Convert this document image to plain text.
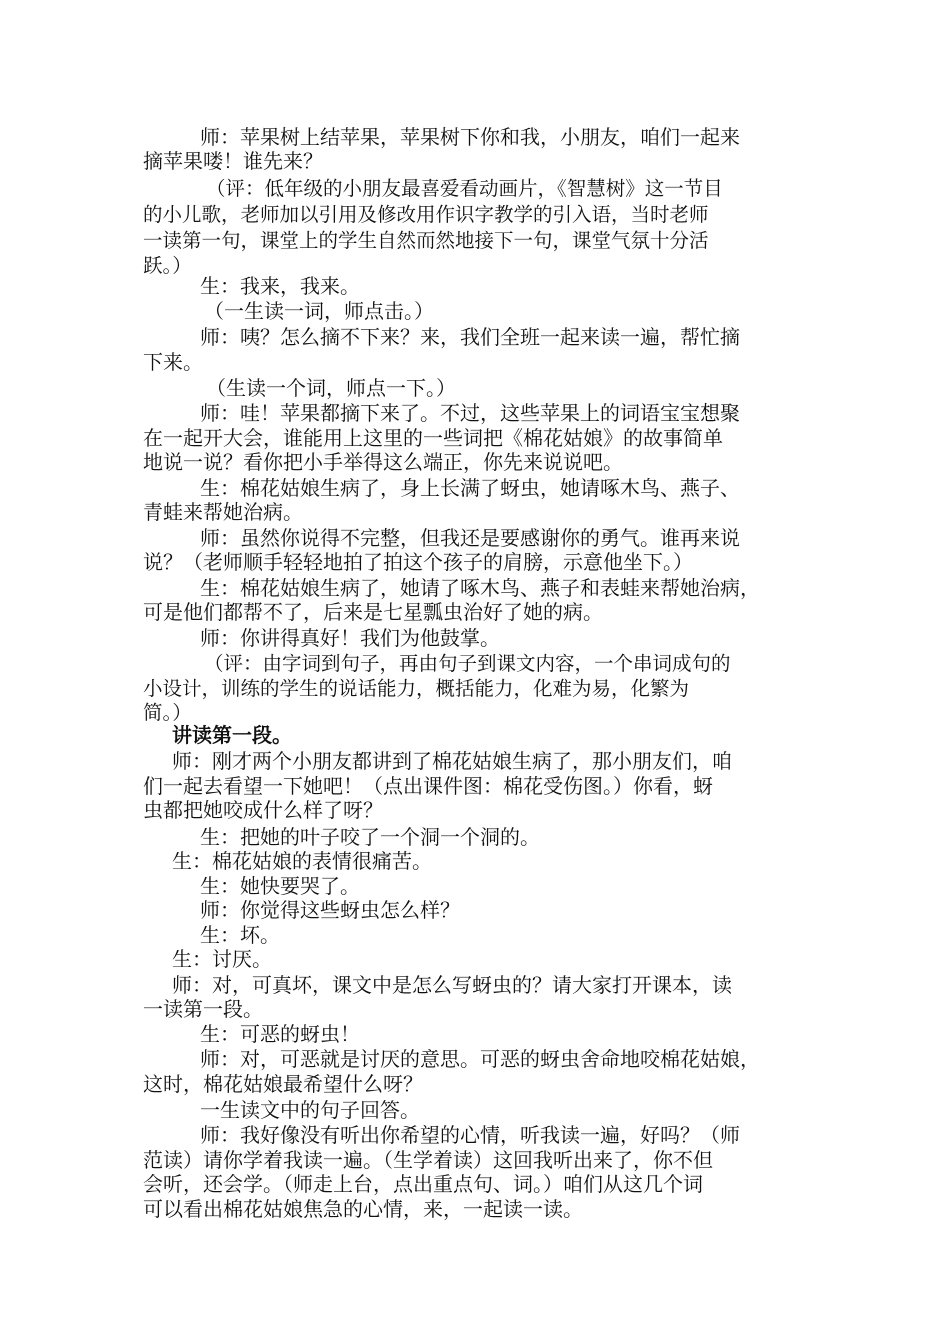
师：苹果树上结苹果，苹果树下你和我，小朋友，咱们一起来
摘苹果喽！谁先来？
（评：低年级的小朋友最喜爱看动画片，《智慧树》这一节目
的小儿歌，老师加以引用及修改用作识字教学的引入语，当时老师
一读第一句，课堂上的学生自然而然地接下一句，课堂气氛十分活
跃。）
生：我来，我来。
（一生读一词，师点击。）
师：咦？怎么摘不下来？来，我们全班一起来读一遍，帮忙摘
下来。
（生读一个词，师点一下。）
师：哇！苹果都摘下来了。不过，这些苹果上的词语宝宝想聚
在一起开大会，谁能用上这里的一些词把《棉花姑娘》的故事简单
地说一说？看你把小手举得这么端正，你先来说说吧。
生：棉花姑娘生病了，身上长满了蚜虫，她请啄木鸟、燕子、
青蛙来帮她治病。
师：虽然你说得不完整，但我还是要感谢你的勇气。谁再来说
说？（老师顺手轻轻地拍了拍这个孩子的肩膀，示意他坐下。）
生：棉花姑娘生病了，她请了啄木鸟、燕子和表蛙来帮她治病，
可是他们都帮不了，后来是七星瓢虫治好了她的病。
师：你讲得真好！我们为他鼓掌。
（评：由字词到句子，再由句子到课文内容，一个串词成句的
小设计，训练的学生的说话能力，概括能力，化难为易，化繁为
简。）
讲读第一段。
师：刚才两个小朋友都讲到了棉花姑娘生病了，那小朋友们，咱
们一起去看望一下她吧！（点出课件图：棉花受伤图。）你看，蚜
虫都把她咬成什么样了呀？
生：把她的叶子咬了一个洞一个洞的。
生：棉花姑娘的表情很痛苦。
生：她快要哭了。
师：你觉得这些蚜虫怎么样？
生：坏。
生：讨厌。
师：对，可真坏，课文中是怎么写蚜虫的？请大家打开课本，读
一读第一段。
生：可恶的蚜虫！
师：对，可恶就是讨厌的意思。可恶的蚜虫舍命地咬棉花姑娘，
这时，棉花姑娘最希望什么呀？
一生读文中的句子回答。
师：我好像没有听出你希望的心情，听我读一遍，好吗？（师
范读）请你学着我读一遍。（生学着读）这回我听出来了，你不但
会听，还会学。（师走上台，点出重点句、词。）咱们从这几个词
可以看出棉花姑娘焦急的心情，来，一起读一读。
